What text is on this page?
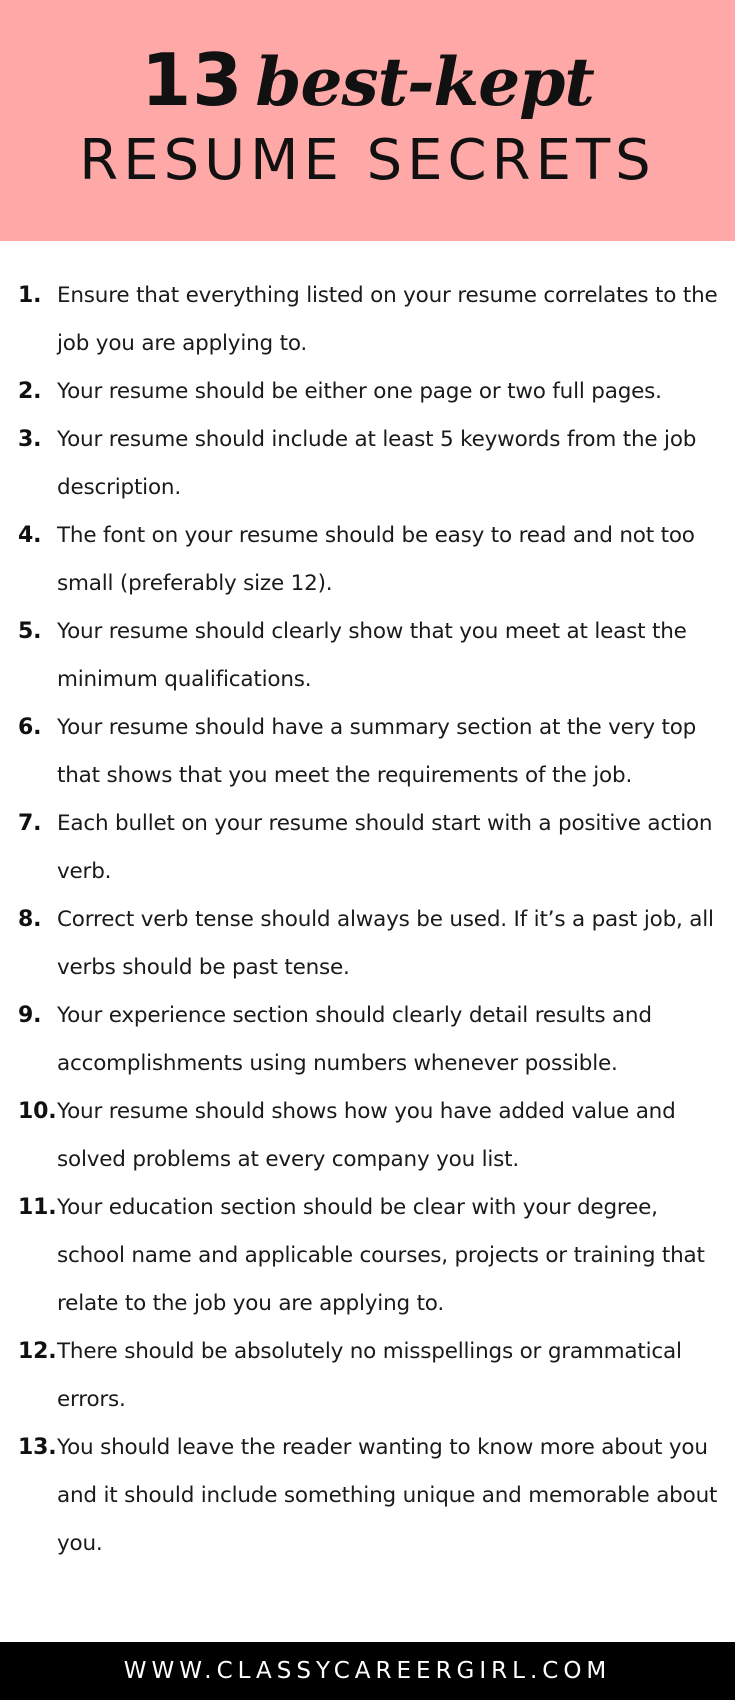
13 best-kept
RESUME SECRETS
1. Ensure that everything listed on your resume correlates to the job you are applying to.
2. Your resume should be either one page or two full pages.
3. Your resume should include at least 5 keywords from the job description.
4. The font on your resume should be easy to read and not too small (preferably size 12).
5. Your resume should clearly show that you meet at least the minimum qualifications.
6. Your resume should have a summary section at the very top that shows that you meet the requirements of the job.
7. Each bullet on your resume should start with a positive action verb.
8. Correct verb tense should always be used. If it’s a past job, all verbs should be past tense.
9. Your experience section should clearly detail results and accomplishments using numbers whenever possible.
10. Your resume should shows how you have added value and solved problems at every company you list.
11. Your education section should be clear with your degree, school name and applicable courses, projects or training that relate to the job you are applying to.
12. There should be absolutely no misspellings or grammatical errors.
13. You should leave the reader wanting to know more about you and it should include something unique and memorable about you.
WWW.CLASSYCAREERGIRL.COM
